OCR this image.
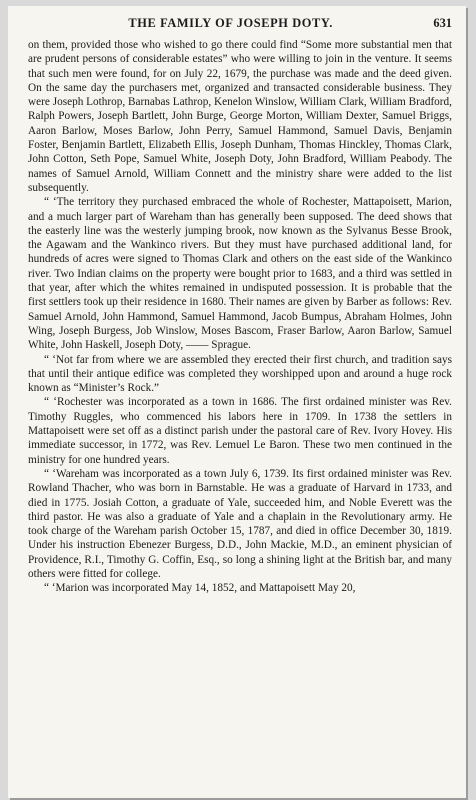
THE FAMILY OF JOSEPH DOTY.	631

on them, provided those who wished to go there could find “Some more substantial men that are prudent persons of considerable estates” who were willing to join in the venture. It seems that such men were found, for on July 22, 1679, the purchase was made and the deed given. On the same day the purchasers met, organized and transacted considerable business. They were Joseph Lothrop, Barnabas Lathrop, Kenelon Winslow, William Clark, William Bradford, Ralph Powers, Joseph Bartlett, John Burge, George Morton, William Dexter, Samuel Briggs, Aaron Barlow, Moses Barlow, John Perry, Samuel Hammond, Samuel Davis, Benjamin Foster, Benjamin Bartlett, Elizabeth Ellis, Joseph Dunham, Thomas Hinckley, Thomas Clark, John Cotton, Seth Pope, Samuel White, Joseph Doty, John Bradford, William Peabody. The names of Samuel Arnold, William Connett and the ministry share were added to the list subsequently.

“ ‘The territory they purchased embraced the whole of Rochester, Mattapoisett, Marion, and a much larger part of Wareham than has generally been supposed. The deed shows that the easterly line was the westerly jumping brook, now known as the Sylvanus Besse Brook, the Agawam and the Wankinco rivers. But they must have purchased additional land, for hundreds of acres were signed to Thomas Clark and others on the east side of the Wankinco river. Two Indian claims on the property were bought prior to 1683, and a third was settled in that year, after which the whites remained in undisputed possession. It is probable that the first settlers took up their residence in 1680. Their names are given by Barber as follows: Rev. Samuel Arnold, John Hammond, Samuel Hammond, Jacob Bumpus, Abraham Holmes, John Wing, Joseph Burgess, Job Winslow, Moses Bascom, Fraser Barlow, Aaron Barlow, Samuel White, John Haskell, Joseph Doty, —— Sprague.

“ ‘Not far from where we are assembled they erected their first church, and tradition says that until their antique edifice was completed they worshipped upon and around a huge rock known as “Minister’s Rock.”

“ ‘Rochester was incorporated as a town in 1686. The first ordained minister was Rev. Timothy Ruggles, who commenced his labors here in 1709. In 1738 the settlers in Mattapoisett were set off as a distinct parish under the pastoral care of Rev. Ivory Hovey. His immediate successor, in 1772, was Rev. Lemuel Le Baron. These two men continued in the ministry for one hundred years.

“ ‘Wareham was incorporated as a town July 6, 1739. Its first ordained minister was Rev. Rowland Thacher, who was born in Barnstable. He was a graduate of Harvard in 1733, and died in 1775. Josiah Cotton, a graduate of Yale, succeeded him, and Noble Everett was the third pastor. He was also a graduate of Yale and a chaplain in the Revolutionary army. He took charge of the Wareham parish October 15, 1787, and died in office December 30, 1819. Under his instruction Ebenezer Burgess, D.D., John Mackie, M.D., an eminent physician of Providence, R.I., Timothy G. Coffin, Esq., so long a shining light at the British bar, and many others were fitted for college.

“ ‘Marion was incorporated May 14, 1852, and Mattapoisett May 20,
